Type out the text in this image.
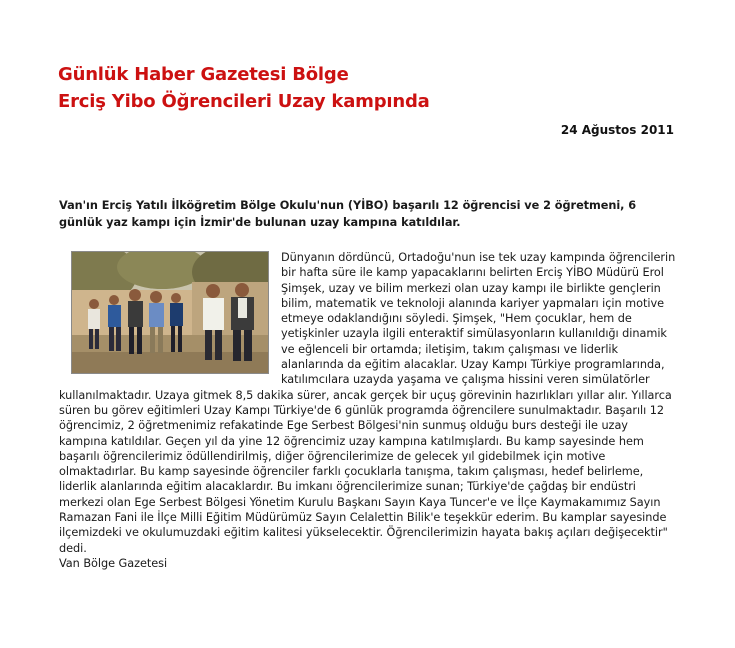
Günlük Haber Gazetesi Bölge
Erciş Yibo Öğrencileri Uzay kampında
24 Ağustos 2011

Van'ın Erciş Yatılı İlköğretim Bölge Okulu'nun (YİBO) başarılı 12 öğrencisi ve 2 öğretmeni, 6 günlük yaz kampı için İzmir'de bulunan uzay kampına katıldılar.

Dünyanın dördüncü, Ortadoğu'nun ise tek uzay kampında öğrencilerin bir hafta süre ile kamp yapacaklarını belirten Erciş YİBO Müdürü Erol Şimşek, uzay ve bilim merkezi olan uzay kampı ile birlikte gençlerin bilim, matematik ve teknoloji alanında kariyer yapmaları için motive etmeye odaklandığını söyledi. Şimşek, "Hem çocuklar, hem de yetişkinler uzayla ilgili enteraktif simülasyonların kullanıldığı dinamik ve eğlenceli bir ortamda; iletişim, takım çalışması ve liderlik alanlarında da eğitim alacaklar. Uzay Kampı Türkiye programlarında, katılımcılara uzayda yaşama ve çalışma hissini veren simülatörler kullanılmaktadır. Uzaya gitmek 8,5 dakika sürer, ancak gerçek bir uçuş görevinin hazırlıkları yıllar alır. Yıllarca süren bu görev eğitimleri Uzay Kampı Türkiye'de 6 günlük programda öğrencilere sunulmaktadır. Başarılı 12 öğrencimiz, 2 öğretmenimiz refakatinde Ege Serbest Bölgesi'nin sunmuş olduğu burs desteği ile uzay kampına katıldılar. Geçen yıl da yine 12 öğrencimiz uzay kampına katılmışlardı. Bu kamp sayesinde hem başarılı öğrencilerimiz ödüllendirilmiş, diğer öğrencilerimize de gelecek yıl gidebilmek için motive olmaktadırlar. Bu kamp sayesinde öğrenciler farklı çocuklarla tanışma, takım çalışması, hedef belirleme, liderlik alanlarında eğitim alacaklardır. Bu imkanı öğrencilerimize sunan; Türkiye'de çağdaş bir endüstri merkezi olan Ege Serbest Bölgesi Yönetim Kurulu Başkanı Sayın Kaya Tuncer'e ve İlçe Kaymakamımız Sayın Ramazan Fani ile İlçe Milli Eğitim Müdürümüz Sayın Celalettin Bilik'e teşekkür ederim. Bu kamplar sayesinde ilçemizdeki ve okulumuzdaki eğitim kalitesi yükselecektir. Öğrencilerimizin hayata bakış açıları değişecektir" dedi.

Van Bölge Gazetesi
